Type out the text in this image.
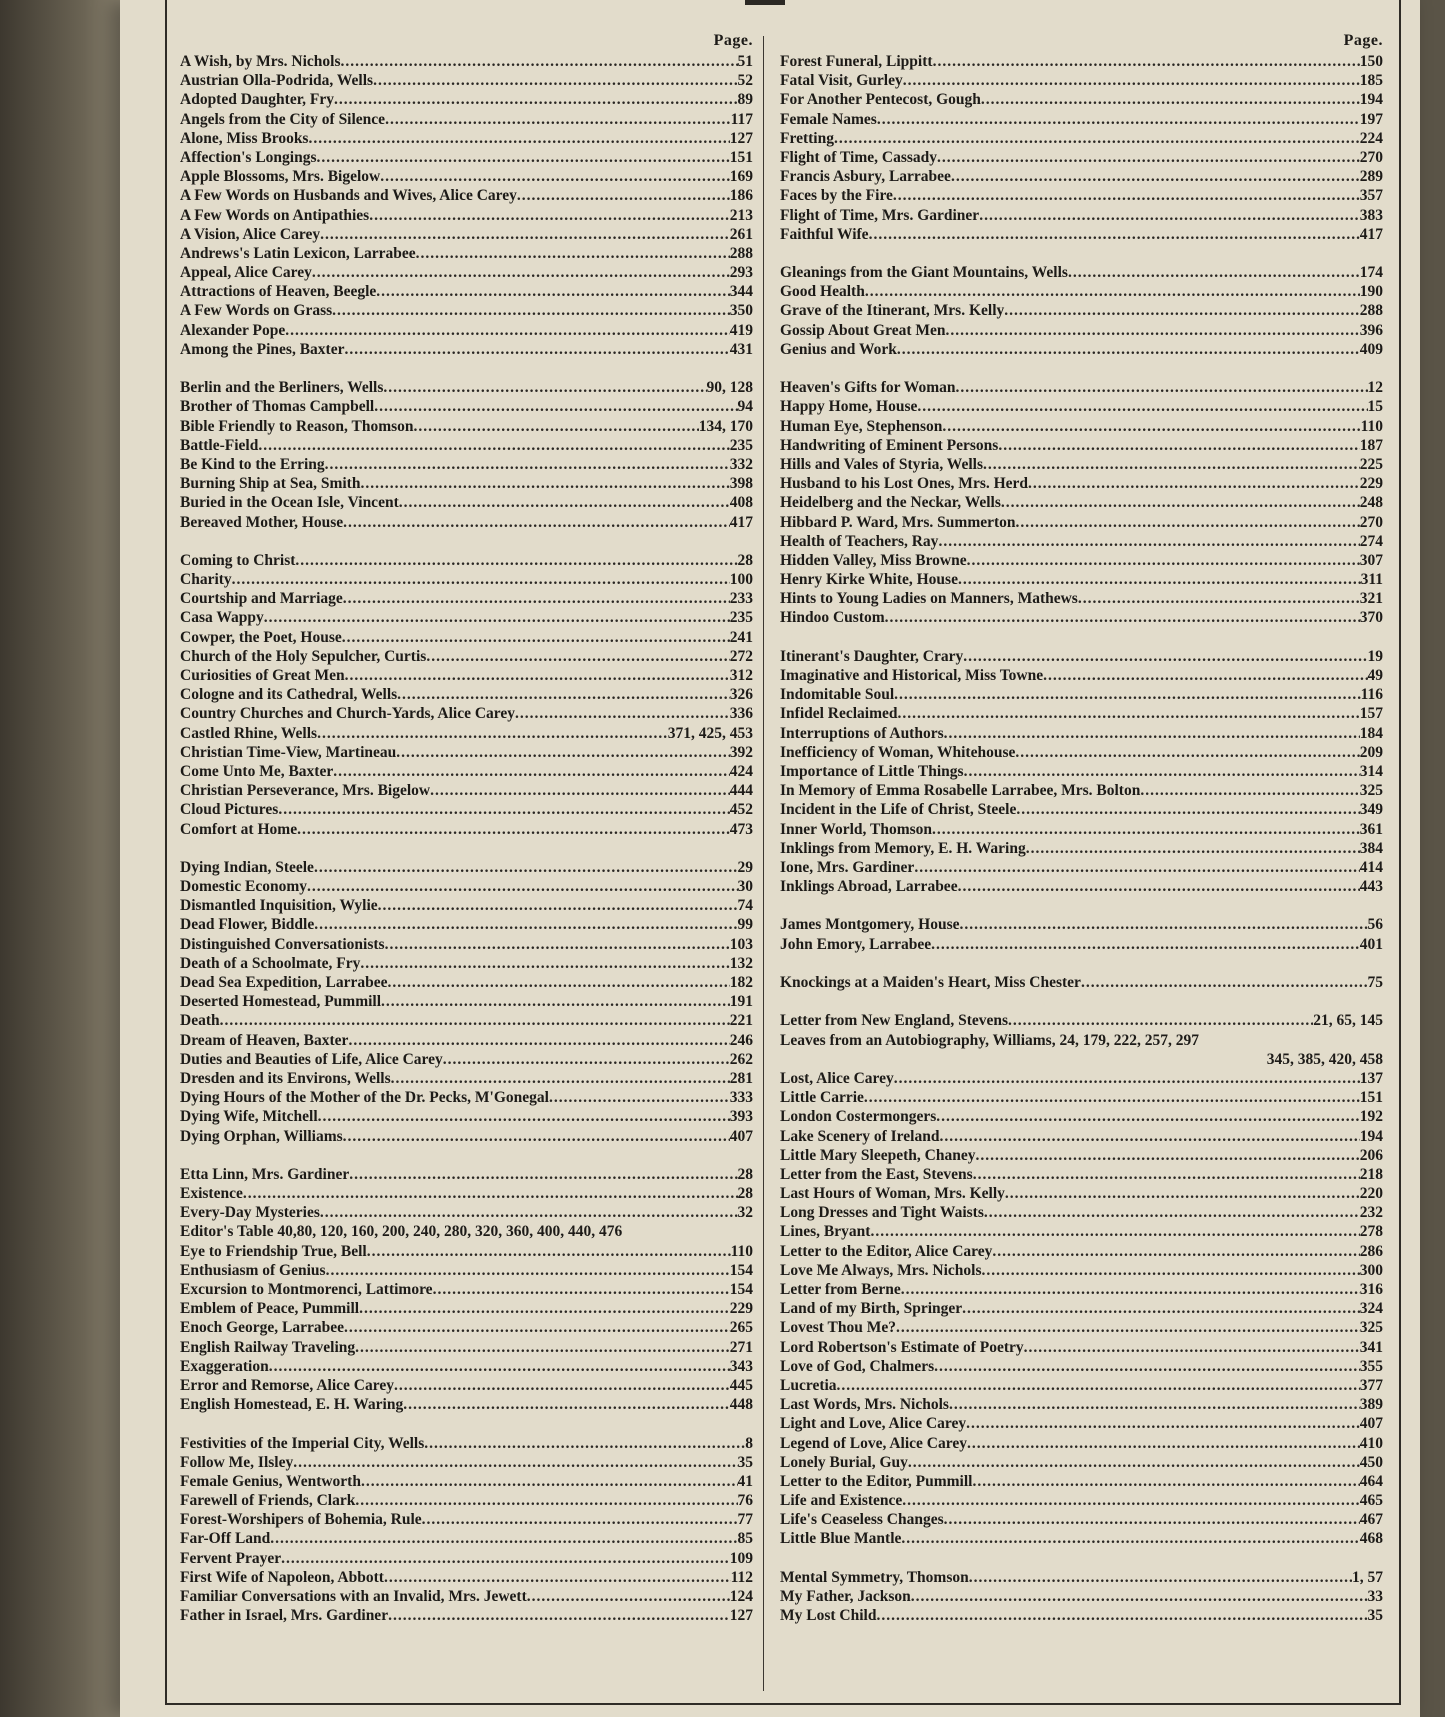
Page.
A Wish, by Mrs. Nichols .....	51
Austrian Olla-Podrida, Wells .....	52
Adopted Daughter, Fry .....	89
Angels from the City of Silence .....	117
Alone, Miss Brooks .....	127
Affection's Longings .....	151
Apple Blossoms, Mrs. Bigelow .....	169
A Few Words on Husbands and Wives, Alice Carey .....	186
A Few Words on Antipathies .....	213
A Vision, Alice Carey .....	261
Andrews's Latin Lexicon, Larrabee .....	288
Appeal, Alice Carey .....	293
Attractions of Heaven, Beegle .....	344
A Few Words on Grass .....	350
Alexander Pope .....	419
Among the Pines, Baxter .....	431
Berlin and the Berliners, Wells .....	90, 128
Brother of Thomas Campbell .....	94
Bible Friendly to Reason, Thomson .....	134, 170
Battle-Field .....	235
Be Kind to the Erring .....	332
Burning Ship at Sea, Smith .....	398
Buried in the Ocean Isle, Vincent .....	408
Bereaved Mother, House .....	417
Coming to Christ .....	28
Charity .....	100
Courtship and Marriage .....	233
Casa Wappy .....	235
Cowper, the Poet, House .....	241
Church of the Holy Sepulcher, Curtis .....	272
Curiosities of Great Men .....	312
Cologne and its Cathedral, Wells .....	326
Country Churches and Church-Yards, Alice Carey .....	336
Castled Rhine, Wells .....	371, 425, 453
Christian Time-View, Martineau .....	392
Come Unto Me, Baxter .....	424
Christian Perseverance, Mrs. Bigelow .....	444
Cloud Pictures .....	452
Comfort at Home .....	473
Dying Indian, Steele .....	29
Domestic Economy .....	30
Dismantled Inquisition, Wylie .....	74
Dead Flower, Biddle .....	99
Distinguished Conversationists .....	103
Death of a Schoolmate, Fry .....	132
Dead Sea Expedition, Larrabee .....	182
Deserted Homestead, Pummill .....	191
Death .....	221
Dream of Heaven, Baxter .....	246
Duties and Beauties of Life, Alice Carey .....	262
Dresden and its Environs, Wells .....	281
Dying Hours of the Mother of the Dr. Pecks, M'Gonegal .....	333
Dying Wife, Mitchell .....	393
Dying Orphan, Williams .....	407
Etta Linn, Mrs. Gardiner .....	28
Existence .....	28
Every-Day Mysteries .....	32
Editor's Table 40,80, 120, 160, 200, 240, 280, 320, 360, 400, 440, 476
Eye to Friendship True, Bell .....	110
Enthusiasm of Genius .....	154
Excursion to Montmorenci, Lattimore .....	154
Emblem of Peace, Pummill .....	229
Enoch George, Larrabee .....	265
English Railway Traveling .....	271
Exaggeration .....	343
Error and Remorse, Alice Carey .....	445
English Homestead, E. H. Waring .....	448
Festivities of the Imperial City, Wells .....	8
Follow Me, Ilsley .....	35
Female Genius, Wentworth .....	41
Farewell of Friends, Clark .....	76
Forest-Worshipers of Bohemia, Rule .....	77
Far-Off Land .....	85
Fervent Prayer .....	109
First Wife of Napoleon, Abbott .....	112
Familiar Conversations with an Invalid, Mrs. Jewett .....	124
Father in Israel, Mrs. Gardiner .....	127
Page.
Forest Funeral, Lippitt .....	150
Fatal Visit, Gurley .....	185
For Another Pentecost, Gough .....	194
Female Names .....	197
Fretting .....	224
Flight of Time, Cassady .....	270
Francis Asbury, Larrabee .....	289
Faces by the Fire .....	357
Flight of Time, Mrs. Gardiner .....	383
Faithful Wife .....	417
Gleanings from the Giant Mountains, Wells .....	174
Good Health .....	190
Grave of the Itinerant, Mrs. Kelly .....	288
Gossip About Great Men .....	396
Genius and Work .....	409
Heaven's Gifts for Woman .....	12
Happy Home, House .....	15
Human Eye, Stephenson .....	110
Handwriting of Eminent Persons .....	187
Hills and Vales of Styria, Wells .....	225
Husband to his Lost Ones, Mrs. Herd .....	229
Heidelberg and the Neckar, Wells .....	248
Hibbard P. Ward, Mrs. Summerton .....	270
Health of Teachers, Ray .....	274
Hidden Valley, Miss Browne .....	307
Henry Kirke White, House .....	311
Hints to Young Ladies on Manners, Mathews .....	321
Hindoo Custom .....	370
Itinerant's Daughter, Crary .....	19
Imaginative and Historical, Miss Towne .....	49
Indomitable Soul .....	116
Infidel Reclaimed .....	157
Interruptions of Authors .....	184
Inefficiency of Woman, Whitehouse .....	209
Importance of Little Things .....	314
In Memory of Emma Rosabelle Larrabee, Mrs. Bolton .....	325
Incident in the Life of Christ, Steele .....	349
Inner World, Thomson .....	361
Inklings from Memory, E. H. Waring .....	384
Ione, Mrs. Gardiner .....	414
Inklings Abroad, Larrabee .....	443
James Montgomery, House .....	56
John Emory, Larrabee .....	401
Knockings at a Maiden's Heart, Miss Chester .....	75
Letter from New England, Stevens .....	21, 65, 145
Leaves from an Autobiography, Williams, 24, 179, 222, 257, 297
345, 385, 420, 458
Lost, Alice Carey .....	137
Little Carrie .....	151
London Costermongers .....	192
Lake Scenery of Ireland .....	194
Little Mary Sleepeth, Chaney .....	206
Letter from the East, Stevens .....	218
Last Hours of Woman, Mrs. Kelly .....	220
Long Dresses and Tight Waists .....	232
Lines, Bryant .....	278
Letter to the Editor, Alice Carey .....	286
Love Me Always, Mrs. Nichols .....	300
Letter from Berne .....	316
Land of my Birth, Springer .....	324
Lovest Thou Me? .....	325
Lord Robertson's Estimate of Poetry .....	341
Love of God, Chalmers .....	355
Lucretia .....	377
Last Words, Mrs. Nichols .....	389
Light and Love, Alice Carey .....	407
Legend of Love, Alice Carey .....	410
Lonely Burial, Guy .....	450
Letter to the Editor, Pummill .....	464
Life and Existence .....	465
Life's Ceaseless Changes .....	467
Little Blue Mantle .....	468
Mental Symmetry, Thomson .....	1, 57
My Father, Jackson .....	33
My Lost Child .....	35
